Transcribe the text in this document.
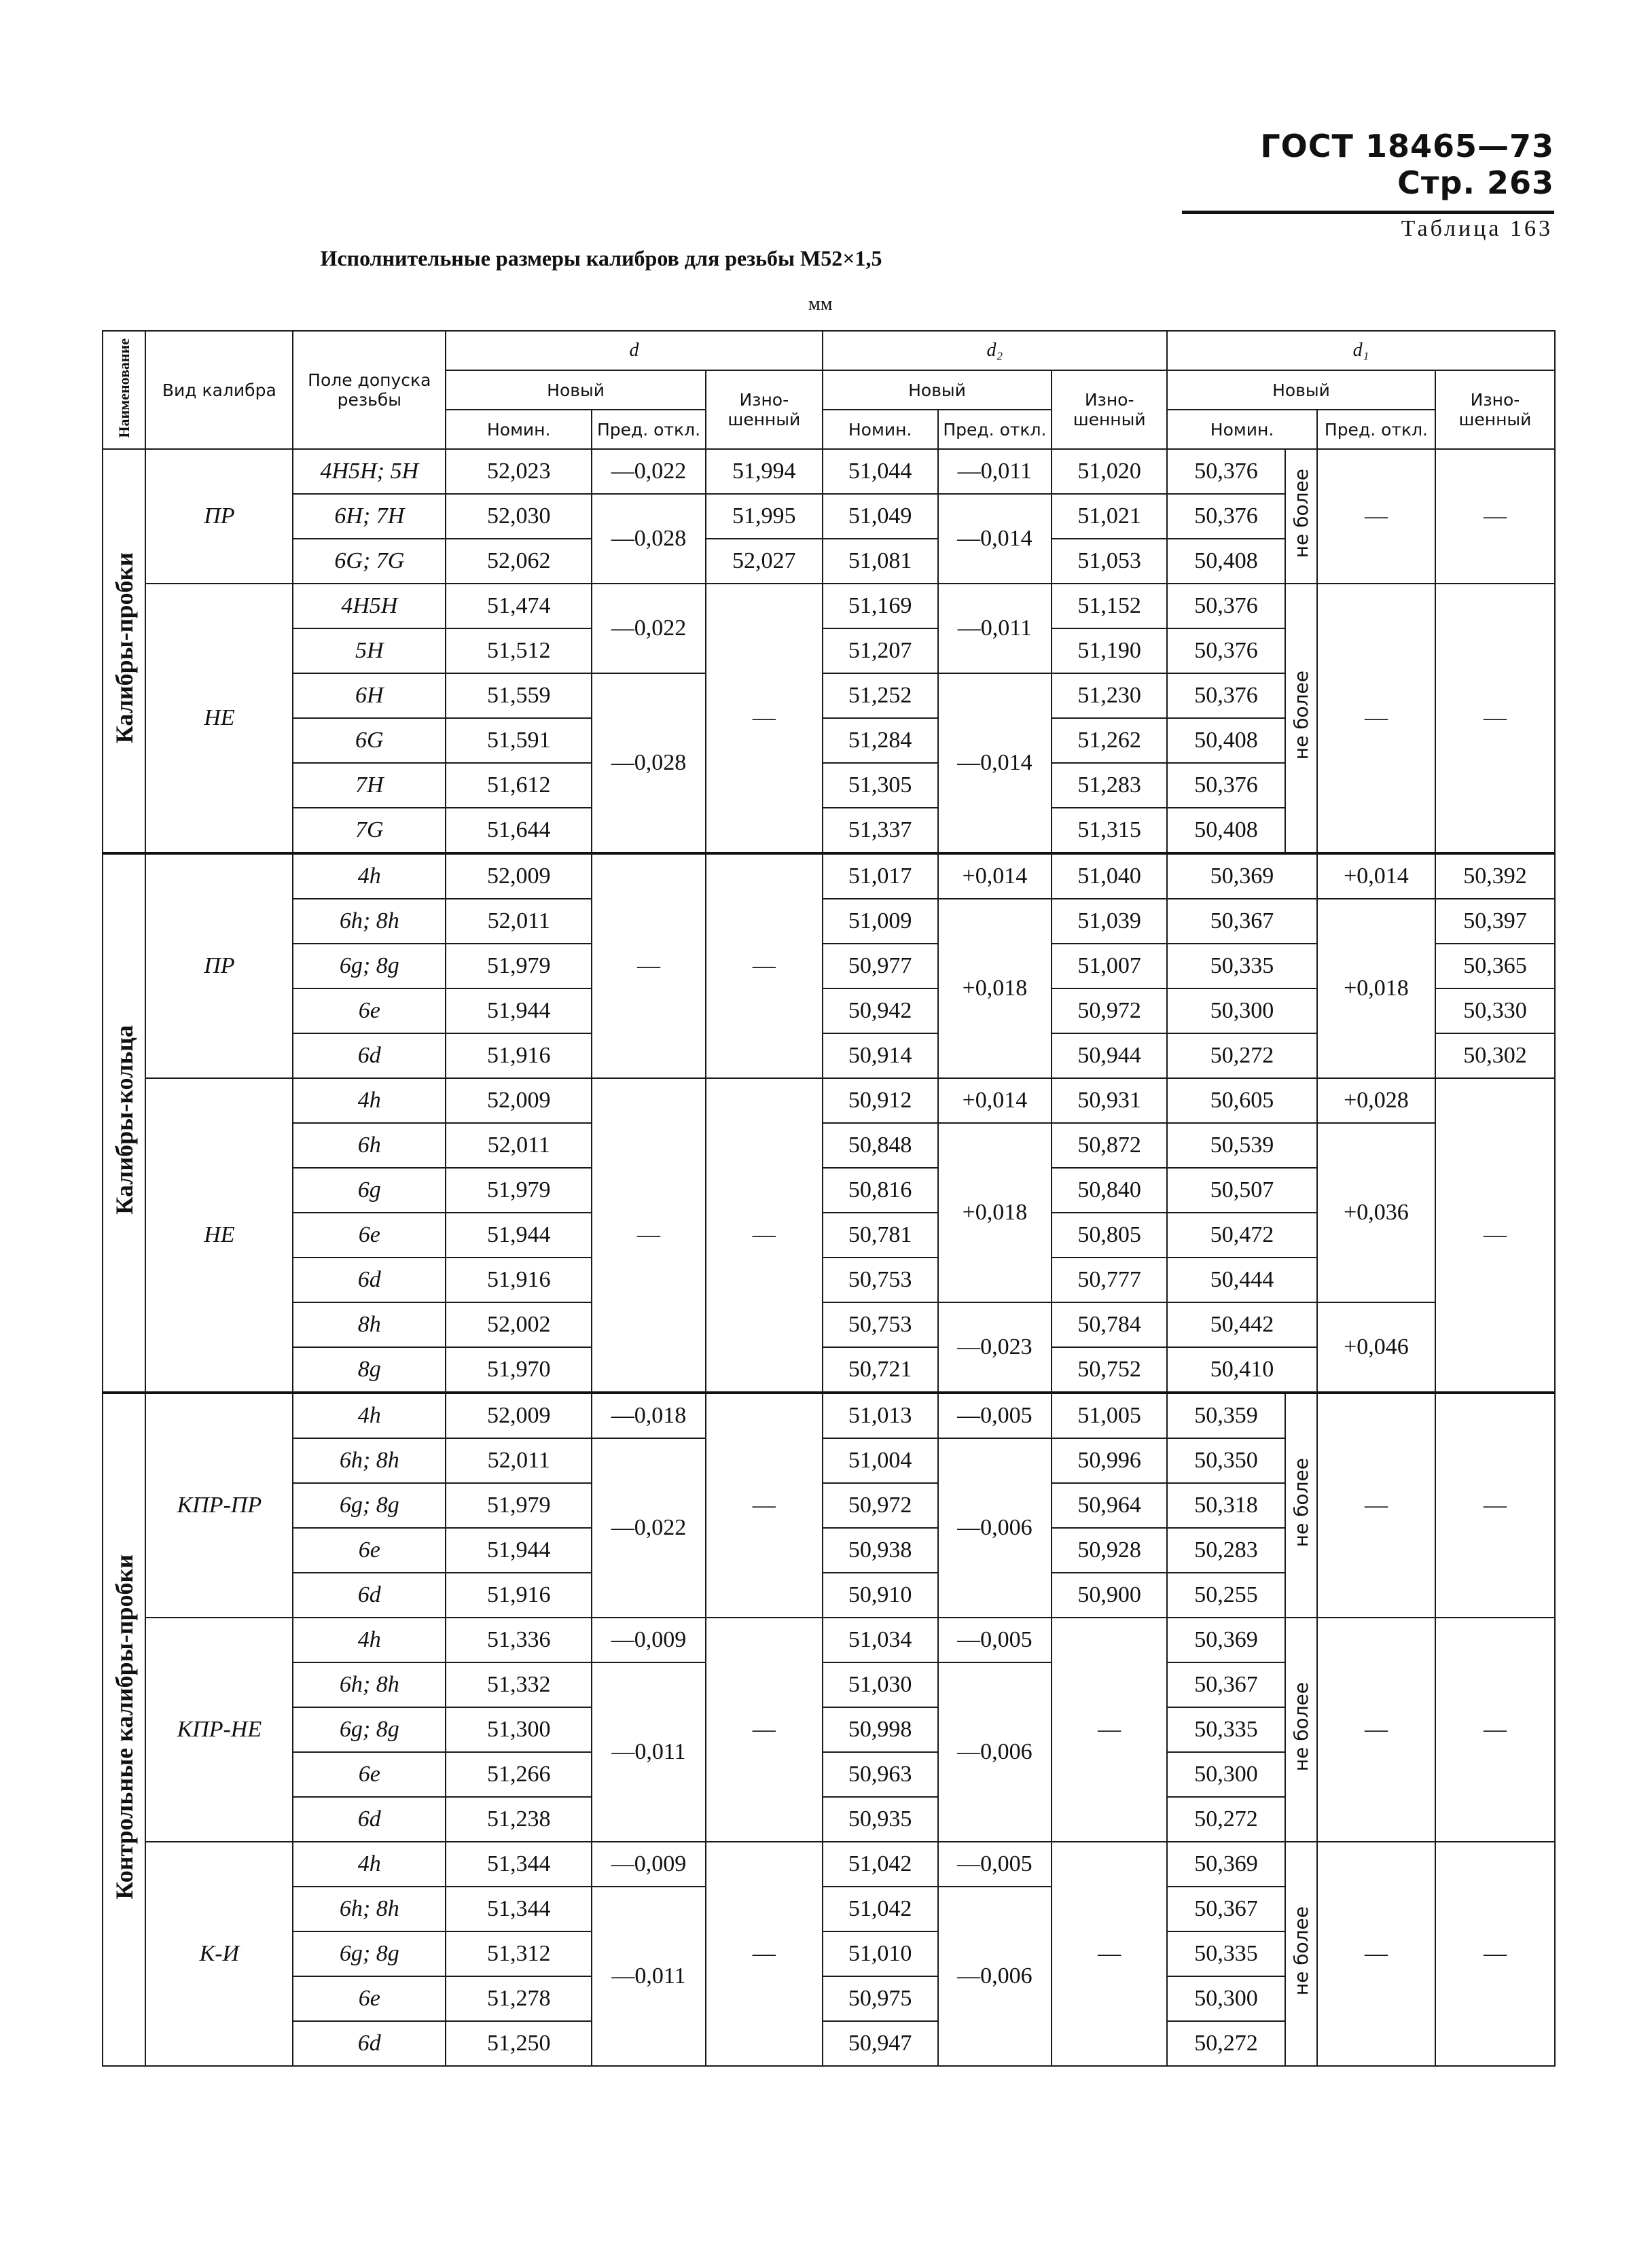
ГОСТ 18465—73 Стр. 263
Таблица 163
Исполнительные размеры калибров для резьбы М52×1,5
мм
Наименование	Вид калибра	Поле допуска резьбы	d			d₂			d₁			
			Новый		Изно-шенный	Новый		Изно-шенный	Новый			Изно-шенный
			Номин.	Пред. откл.		Номин.	Пред. откл.		Номин.		Пред. откл.	
Калибры-пробки	ПР	4H5H; 5H	52,023	—0,022	51,994	51,044	—0,011	51,020	50,376	не более	—	—
		6H; 7H	52,030	—0,028	51,995	51,049	—0,014	51,021	50,376			
		6G; 7G	52,062		52,027	51,081		51,053	50,408			
	НЕ	4H5H	51,474	—0,022	—	51,169	—0,011	51,152	50,376	не более	—	—
		5H	51,512			51,207		51,190	50,376			
		6H	51,559	—0,028		51,252	—0,014	51,230	50,376			
		6G	51,591			51,284		51,262	50,408			
		7H	51,612			51,305		51,283	50,376			
		7G	51,644			51,337		51,315	50,408			
Калибры-кольца	ПР	4h	52,009	—	—	51,017	+0,014	51,040	50,369		+0,014	50,392
		6h; 8h	52,011			51,009	+0,018	51,039	50,367		+0,018	50,397
		6g; 8g	51,979			50,977		51,007	50,335			50,365
		6e	51,944			50,942		50,972	50,300			50,330
		6d	51,916			50,914		50,944	50,272			50,302
	НЕ	4h	52,009	—	—	50,912	+0,014	50,931	50,605		+0,028	—
		6h	52,011			50,848	+0,018	50,872	50,539		+0,036	
		6g	51,979			50,816		50,840	50,507			
		6e	51,944			50,781		50,805	50,472			
		6d	51,916			50,753		50,777	50,444			
		8h	52,002			50,753	—0,023	50,784	50,442		+0,046	
		8g	51,970			50,721		50,752	50,410			
Контрольные калибры-пробки	КПР-ПР	4h	52,009	—0,018	—	51,013	—0,005	51,005	50,359	не более	—	—
		6h; 8h	52,011	—0,022		51,004	—0,006	50,996	50,350			
		6g; 8g	51,979			50,972		50,964	50,318			
		6e	51,944			50,938		50,928	50,283			
		6d	51,916			50,910		50,900	50,255			
	КПР-НЕ	4h	51,336	—0,009	—	51,034	—0,005	—	50,369	не более	—	—
		6h; 8h	51,332	—0,011		51,030	—0,006		50,367			
		6g; 8g	51,300			50,998			50,335			
		6e	51,266			50,963			50,300			
		6d	51,238			50,935			50,272			
	К-И	4h	51,344	—0,009	—	51,042	—0,005	—	50,369	не более	—	—
		6h; 8h	51,344	—0,011		51,042	—0,006		50,367			
		6g; 8g	51,312			51,010			50,335			
		6e	51,278			50,975			50,300			
		6d	51,250			50,947			50,272			
